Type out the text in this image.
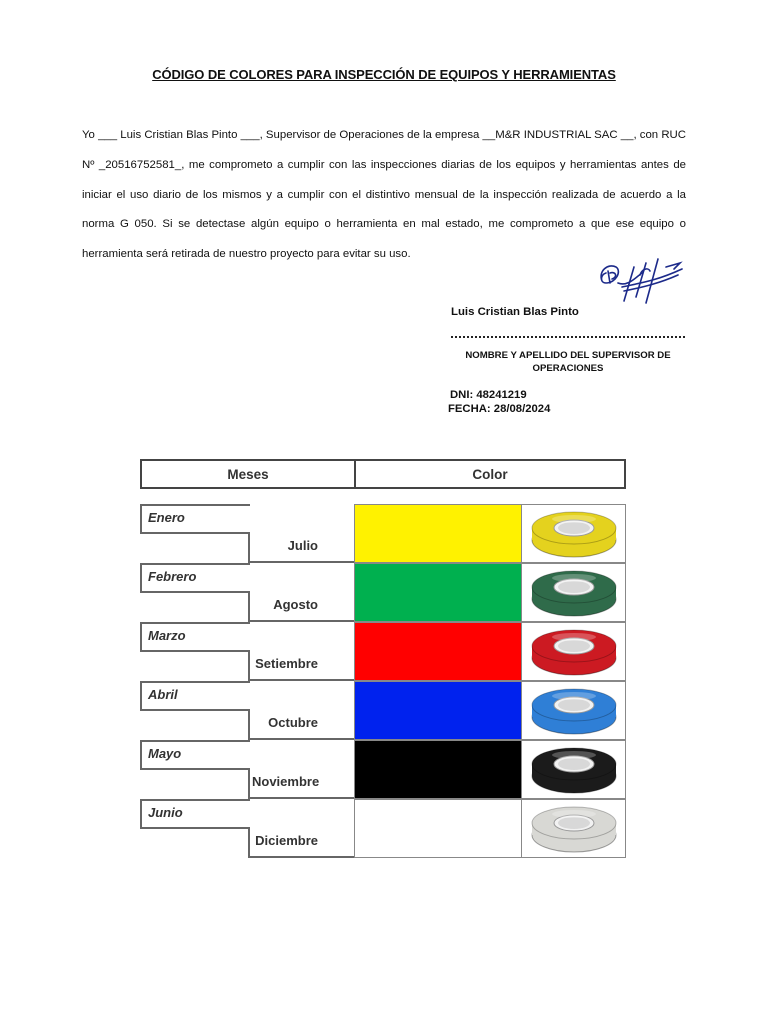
CÓDIGO DE COLORES PARA INSPECCIÓN DE EQUIPOS Y HERRAMIENTAS
Yo ___ Luis Cristian Blas Pinto ___, Supervisor de Operaciones de la empresa __M&R INDUSTRIAL SAC __, con RUC Nº _20516752581_, me comprometo a cumplir con las inspecciones diarias de los equipos y herramientas antes de iniciar el uso diario de los mismos y a cumplir con el distintivo mensual de la inspección realizada de acuerdo a la norma G 050. Si se detectase algún equipo o herramienta en mal estado, me comprometo a que ese equipo o herramienta será retirada de nuestro proyecto para evitar su uso.
Luis Cristian Blas Pinto
NOMBRE Y APELLIDO DEL SUPERVISOR DE OPERACIONES
DNI: 48241219
FECHA: 28/08/2024
Meses	Color
Enero
Julio
Febrero
Agosto
Marzo
Setiembre
Abril
Octubre
Mayo
Noviembre
Junio
Diciembre
